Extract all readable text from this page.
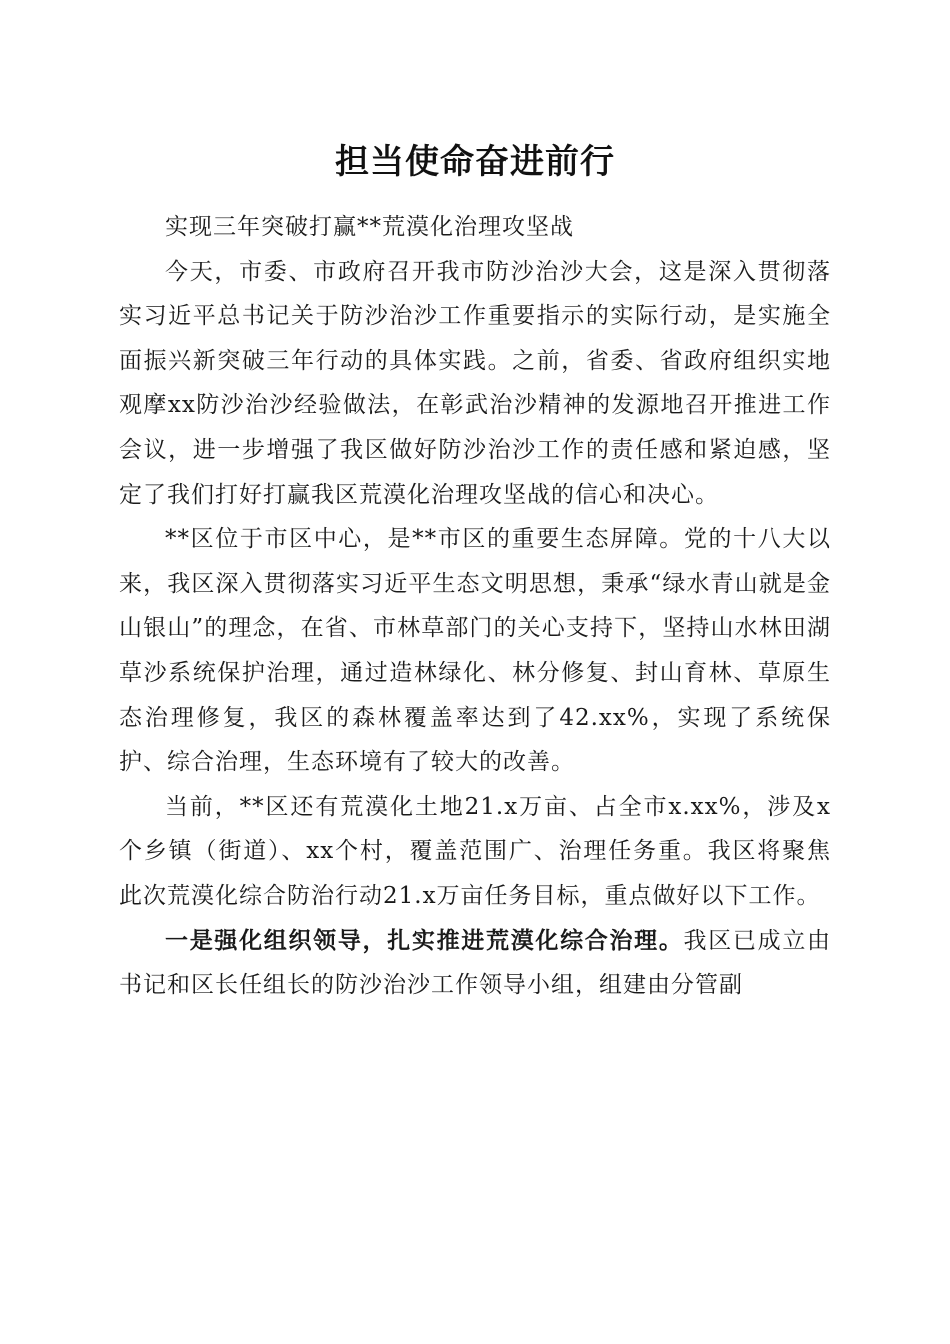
担当使命奋进前行

实现三年突破打赢**荒漠化治理攻坚战

今天，市委、市政府召开我市防沙治沙大会，这是深入贯彻落实习近平总书记关于防沙治沙工作重要指示的实际行动，是实施全面振兴新突破三年行动的具体实践。之前，省委、省政府组织实地观摩xx防沙治沙经验做法，在彰武治沙精神的发源地召开推进工作会议，进一步增强了我区做好防沙治沙工作的责任感和紧迫感，坚定了我们打好打赢我区荒漠化治理攻坚战的信心和决心。

**区位于市区中心，是**市区的重要生态屏障。党的十八大以来，我区深入贯彻落实习近平生态文明思想，秉承“绿水青山就是金山银山”的理念，在省、市林草部门的关心支持下，坚持山水林田湖草沙系统保护治理，通过造林绿化、林分修复、封山育林、草原生态治理修复，我区的森林覆盖率达到了42.xx%，实现了系统保护、综合治理，生态环境有了较大的改善。

当前，**区还有荒漠化土地21.x万亩、占全市x.xx%，涉及x个乡镇（街道）、xx个村，覆盖范围广、治理任务重。我区将聚焦此次荒漠化综合防治行动21.x万亩任务目标，重点做好以下工作。

一是强化组织领导，扎实推进荒漠化综合治理。我区已成立由书记和区长任组长的防沙治沙工作领导小组，组建由分管副
